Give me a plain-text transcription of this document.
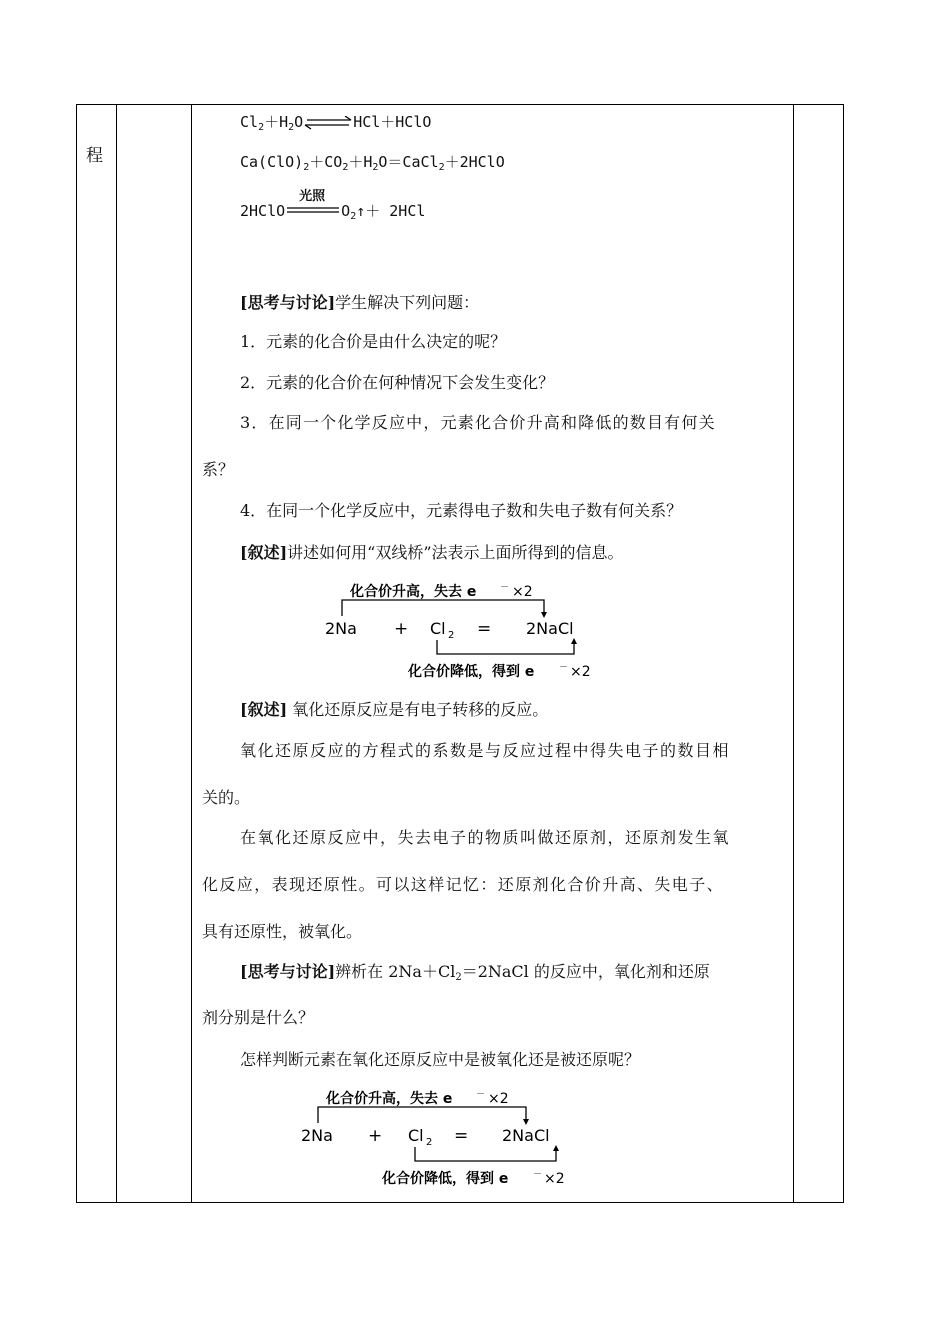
程
$Cl_2+H_2O\rightleftharpoons HCl+HClO$
$Ca(ClO)_2+CO_2+H_2O=CaCl_2+2HClO$
2HClO
光照
$O_2↑+ 2HCl$
[思考与讨论]学生解决下列问题：
1．元素的化合价是由什么决定的呢？
2．元素的化合价在何种情况下会发生变化？
3．在同一个化学反应中，元素化合价升高和降低的数目有何关
系？
4．在同一个化学反应中，元素得电子数和失电子数有何关系？
[叙述]讲述如何用“双线桥”法表示上面所得到的信息。
化合价升高，失去 e	－ ×2
2Na + Cl 2 = 2NaCl
化合价降低，得到 e	－ ×2
[叙述] 氧化还原反应是有电子转移的反应。
氧化还原反应的方程式的系数是与反应过程中得失电子的数目相
关的。
在氧化还原反应中，失去电子的物质叫做还原剂，还原剂发生氧
化反应，表现还原性。可以这样记忆：还原剂化合价升高、失电子、
具有还原性，被氧化。
[思考与讨论]辨析在 $2Na+Cl_2=2NaCl$ 的反应中，氧化剂和还原
剂分别是什么？
怎样判断元素在氧化还原反应中是被氧化还是被还原呢？
化合价升高，失去 e	－ ×2
2Na + Cl 2 = 2NaCl
化合价降低，得到 e	－ ×2
